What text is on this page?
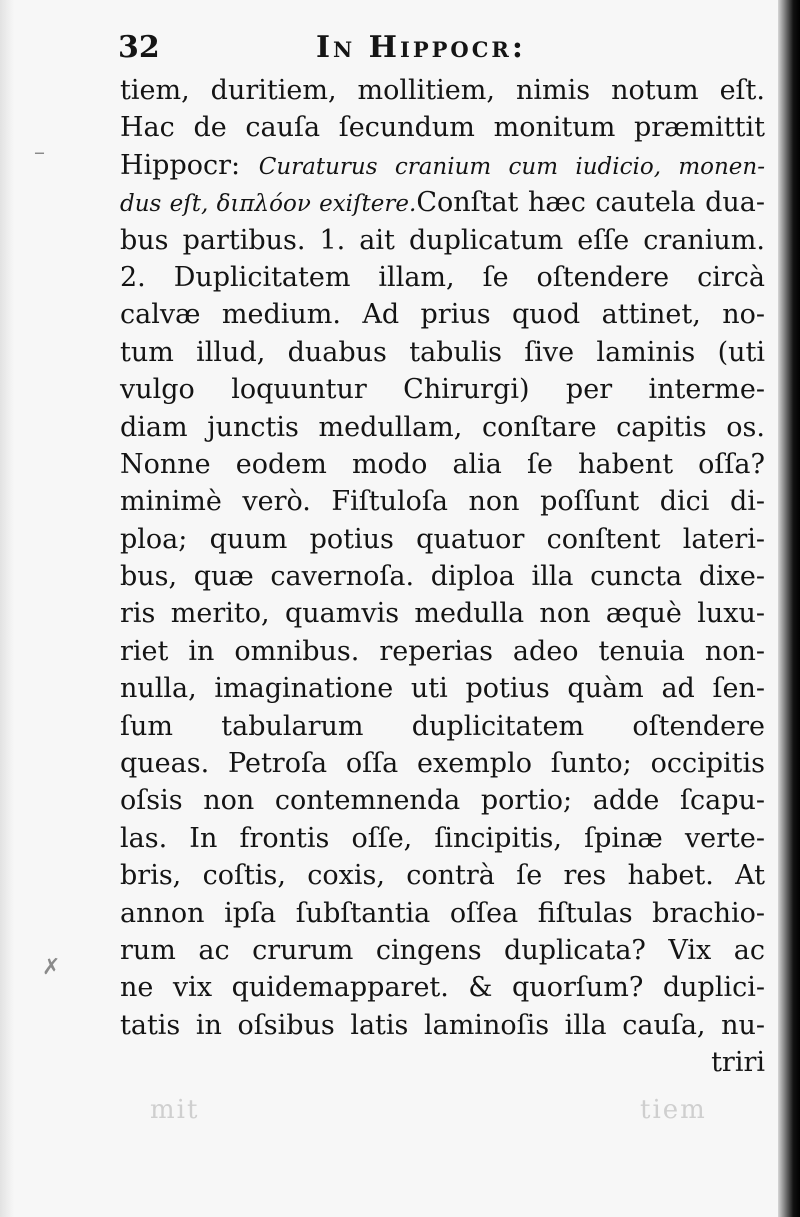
32	In Hippocr:
tiem, duritiem, mollitiem, nimis notum eſt.
Hac de cauſa ſecundum monitum præmittit
Hippocr: Curaturus cranium cum iudicio, monen-
dus eſt, διπλόον exiſtere.Conſtat hæc cautela dua-
bus partibus. 1. ait duplicatum eſſe cranium.
2. Duplicitatem illam, ſe oſtendere circà
calvæ medium. Ad prius quod attinet, no-
tum illud, duabus tabulis ſive laminis (uti
vulgo loquuntur Chirurgi) per interme-
diam junctis medullam, conſtare capitis os.
Nonne eodem modo alia ſe habent oſſa?
minimè verò. Fiſtuloſa non poſſunt dici di-
ploa; quum potius quatuor conſtent lateri-
bus, quæ cavernoſa. diploa illa cuncta dixe-
ris merito, quamvis medulla non æquè luxu-
riet in omnibus. reperias adeo tenuia non-
nulla, imaginatione uti potius quàm ad ſen-
ſum tabularum duplicitatem oſtendere
queas. Petroſa oſſa exemplo ſunto; occipitis
oſsis non contemnenda portio; adde ſcapu-
las. In frontis oſſe, ſincipitis, ſpinæ verte-
bris, coſtis, coxis, contrà ſe res habet. At
annon ipſa ſubſtantia oſſea fiſtulas brachio-
rum ac crurum cingens duplicata? Vix ac
ne vix quidemapparet. & quorſum? duplici-
tatis in oſsibus latis laminoſis illa cauſa, nu-
triri
mit	tiem
–
✗
